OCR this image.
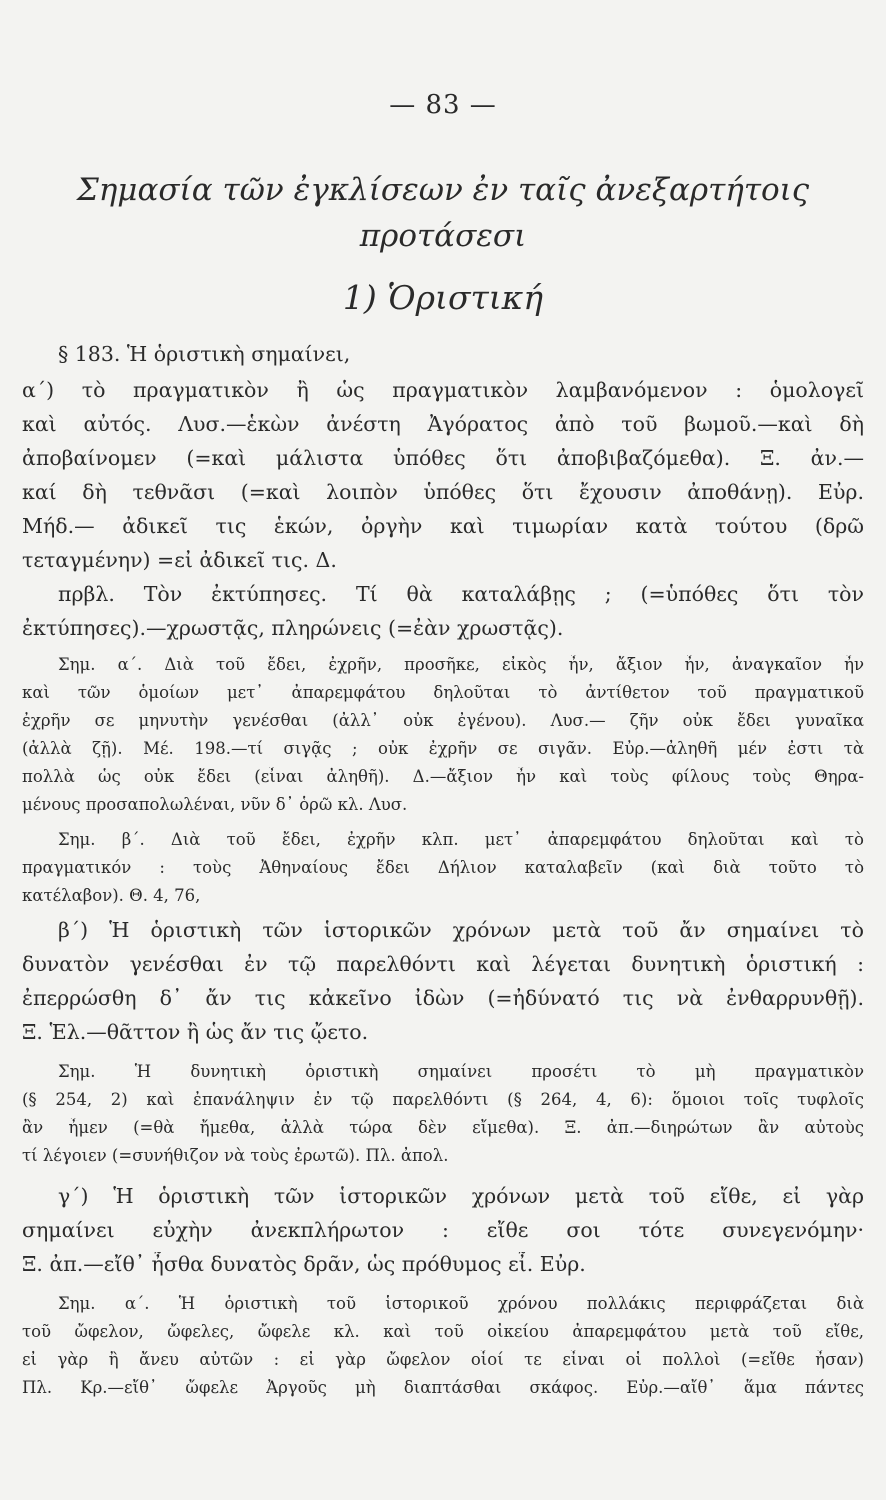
— 83 —
Σημασία τῶν ἐγκλίσεων ἐν ταῖς ἀνεξαρτήτοις
προτάσεσι
1) Ὁριστική
§ 183. Ἡ ὁριστικὴ σημαίνει,
α΄) τὸ πραγματικὸν ἢ ὡς πραγματικὸν λαμβανόμενον : ὁμολογεῖ
καὶ αὐτός. Λυσ.—ἑκὼν ἀνέστη Ἀγόρατος ἀπὸ τοῦ βωμοῦ.—καὶ δὴ
ἀποβαίνομεν (=καὶ μάλιστα ὑπόθες ὅτι ἀποβιβαζόμεθα). Ξ. ἀν.—
καί δὴ τεθνᾶσι (=καὶ λοιπὸν ὑπόθες ὅτι ἔχουσιν ἀποθάνῃ). Εὐρ.
Μήδ.— ἀδικεῖ τις ἑκών, ὀργὴν καὶ τιμωρίαν κατὰ τούτου (δρῶ
τεταγμένην) =εἰ ἀδικεῖ τις. Δ.
πρβλ. Τὸν ἐκτύπησες. Τί θὰ καταλάβῃς ; (=ὑπόθες ὅτι τὸν
ἐκτύπησες).—χρωστᾷς, πληρώνεις (=ἐὰν χρωστᾷς).
Σημ. α΄. Διὰ τοῦ ἔδει, ἐχρῆν, προσῆκε, εἰκὸς ἦν, ἄξιον ἦν, ἀναγκαῖον ἦν
καὶ τῶν ὁμοίων μετ᾽ ἀπαρεμφάτου δηλοῦται τὸ ἀντίθετον τοῦ πραγματικοῦ
ἐχρῆν σε μηνυτὴν γενέσθαι (ἀλλ᾽ οὐκ ἐγένου). Λυσ.— ζῆν οὐκ ἔδει γυναῖκα
(ἀλλὰ ζῇ). Μέ. 198.—τί σιγᾷς ; οὐκ ἐχρῆν σε σιγᾶν. Εὐρ.—ἀληθῆ μέν ἐστι τὰ
πολλὰ ὡς οὐκ ἔδει (εἶναι ἀληθῆ). Δ.—ἄξιον ἦν καὶ τοὺς φίλους τοὺς Θηρα-
μένους προσαπολωλέναι, νῦν δ᾽ ὁρῶ κλ. Λυσ.
Σημ. β΄. Διὰ τοῦ ἔδει, ἐχρῆν κλπ. μετ᾽ ἀπαρεμφάτου δηλοῦται καὶ τὸ
πραγματικόν : τοὺς Ἀθηναίους ἔδει Δήλιον καταλαβεῖν (καὶ διὰ τοῦτο τὸ
κατέλαβον). Θ. 4, 76,
β΄) Ἡ ὁριστικὴ τῶν ἱστορικῶν χρόνων μετὰ τοῦ ἄν σημαίνει τὸ
δυνατὸν γενέσθαι ἐν τῷ παρελθόντι καὶ λέγεται δυνητικὴ ὁριστική :
ἐπερρώσθη δ᾽ ἄν τις κἀκεῖνο ἰδὼν (=ἠδύνατό τις νὰ ἐνθαρρυνθῇ).
Ξ. Ἑλ.—θᾶττον ἢ ὡς ἄν τις ᾤετο.
Σημ. Ἡ δυνητικὴ ὁριστικὴ σημαίνει προσέτι τὸ μὴ πραγματικὸν
(§ 254, 2) καὶ ἐπανάληψιν ἐν τῷ παρελθόντι (§ 264, 4, 6): ὅμοιοι τοῖς τυφλοῖς
ἂν ἦμεν (=θὰ ἤμεθα, ἀλλὰ τώρα δὲν εἴμεθα). Ξ. ἀπ.—διηρώτων ἂν αὐτοὺς
τί λέγοιεν (=συνήθιζον νὰ τοὺς ἐρωτῶ). Πλ. ἀπολ.
γ΄) Ἡ ὁριστικὴ τῶν ἱστορικῶν χρόνων μετὰ τοῦ εἴθε, εἰ γὰρ
σημαίνει εὐχὴν ἀνεκπλήρωτον : εἴθε σοι τότε συνεγενόμην·
Ξ. ἀπ.—εἴθ᾽ ἦσθα δυνατὸς δρᾶν, ὡς πρόθυμος εἶ. Εὐρ.
Σημ. α΄. Ἡ ὁριστικὴ τοῦ ἱστορικοῦ χρόνου πολλάκις περιφράζεται διὰ
τοῦ ὤφελον, ὤφελες, ὤφελε κλ. καὶ τοῦ οἰκείου ἀπαρεμφάτου μετὰ τοῦ εἴθε,
εἰ γὰρ ἢ ἄνευ αὐτῶν : εἰ γὰρ ὤφελον οἷοί τε εἶναι οἱ πολλοὶ (=εἴθε ἦσαν)
Πλ. Κρ.—εἴθ᾽ ὤφελε Ἀργοῦς μὴ διαπτάσθαι σκάφος. Εὐρ.—αἴθ᾽ ἅμα πάντες
